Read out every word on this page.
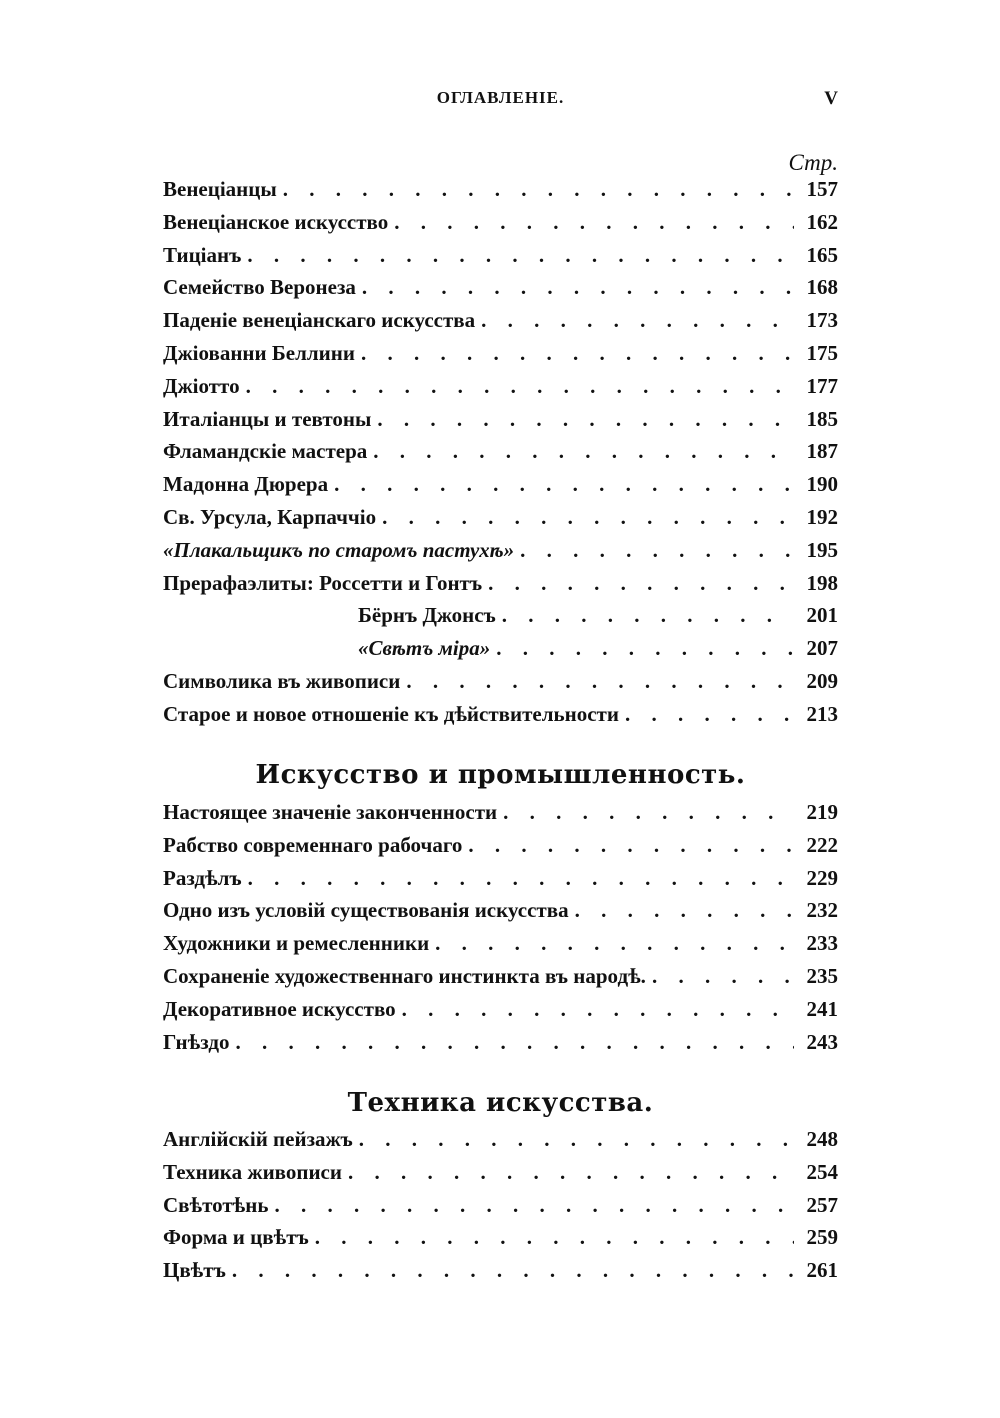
ОГЛАВЛЕНIЕ.	V
Стр.
Венецiанцы . . .	157
Венецiанское искусство . . .	162
Тицiанъ . . .	165
Семейство Веронеза . . .	168
Паденiе венецiанскаго искусства . . .	173
Джiованни Беллини . . .	175
Джiотто . . .	177
Италiанцы и тевтоны . . .	185
Фламандскiе мастера . . .	187
Мадонна Дюрера . . .	190
Св. Урсула, Карпаччiо . . .	192
«Плакальщикъ по старомъ пастухѣ» . . .	195
Прерафаэлиты: Россетти и Гонтъ . . .	198
Бёрнъ Джонсъ . . .	201
«Свѣтъ мiра» . . .	207
Символика въ живописи . . .	209
Старое и новое отношенiе къ дѣйствительности . . .	213
Искусство и промышленность.
Настоящее значенiе законченности . . .	219
Рабство современнаго рабочаго . . .	222
Раздѣлъ . . .	229
Одно изъ условiй существованiя искусства . . .	232
Художники и ремесленники . . .	233
Сохраненiе художественнаго инстинкта въ народѣ. . . .	235
Декоративное искусство . . .	241
Гнѣздо . . .	243
Техника искусства.
Англiйскiй пейзажъ . . .	248
Техника живописи . . .	254
Свѣтотѣнь . . .	257
Форма и цвѣтъ . . .	259
Цвѣтъ . . .	261
